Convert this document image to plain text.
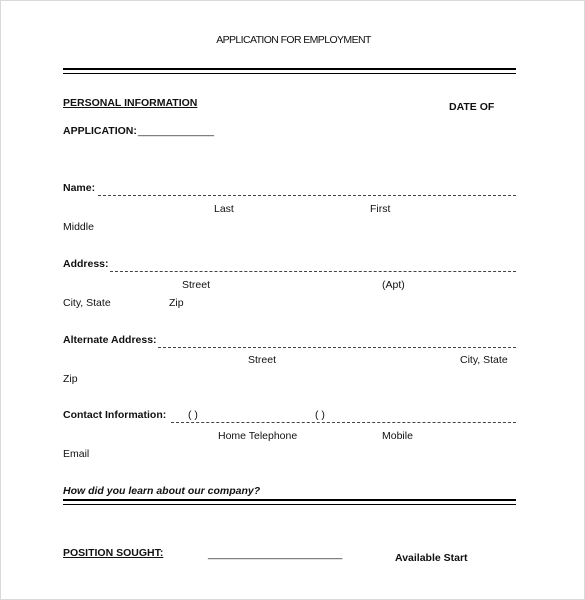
APPLICATION FOR EMPLOYMENT
PERSONAL INFORMATION	DATE OF
APPLICATION: _____________
Name:
Last	First
Middle
Address:
Street	(Apt)
City, State	Zip
Alternate Address:
Street	City, State
Zip
Contact Information: ( )	( )
Home Telephone	Mobile
Email
How did you learn about our company?
POSITION SOUGHT:	_______________________	Available Start
